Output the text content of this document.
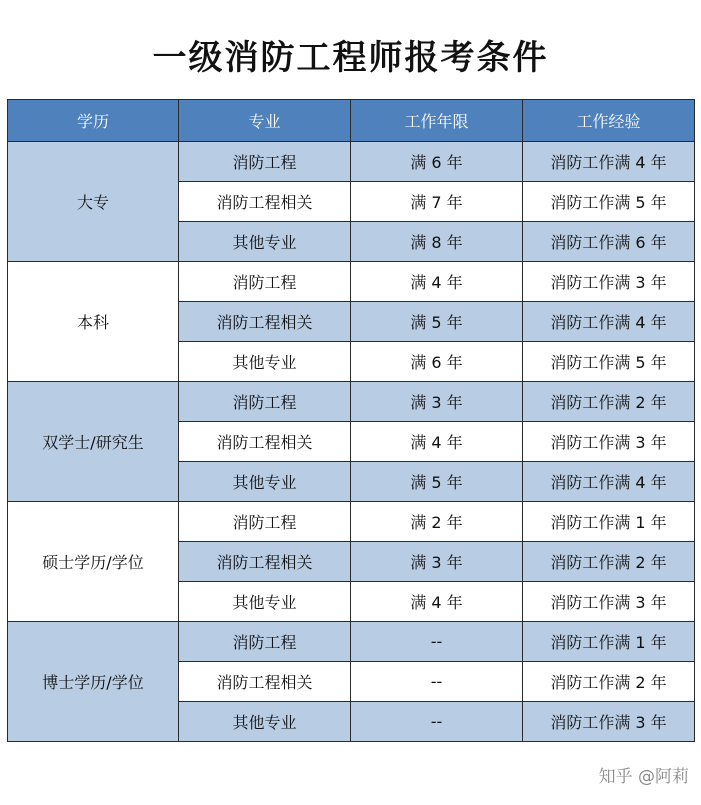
一级消防工程师报考条件
学历	专业	工作年限	工作经验
大专	消防工程	满 6 年	消防工作满 4 年
	消防工程相关	满 7 年	消防工作满 5 年
	其他专业	满 8 年	消防工作满 6 年
本科	消防工程	满 4 年	消防工作满 3 年
	消防工程相关	满 5 年	消防工作满 4 年
	其他专业	满 6 年	消防工作满 5 年
双学士/研究生	消防工程	满 3 年	消防工作满 2 年
	消防工程相关	满 4 年	消防工作满 3 年
	其他专业	满 5 年	消防工作满 4 年
硕士学历/学位	消防工程	满 2 年	消防工作满 1 年
	消防工程相关	满 3 年	消防工作满 2 年
	其他专业	满 4 年	消防工作满 3 年
博士学历/学位	消防工程	--	消防工作满 1 年
	消防工程相关	--	消防工作满 2 年
	其他专业	--	消防工作满 3 年
知乎 @阿莉
